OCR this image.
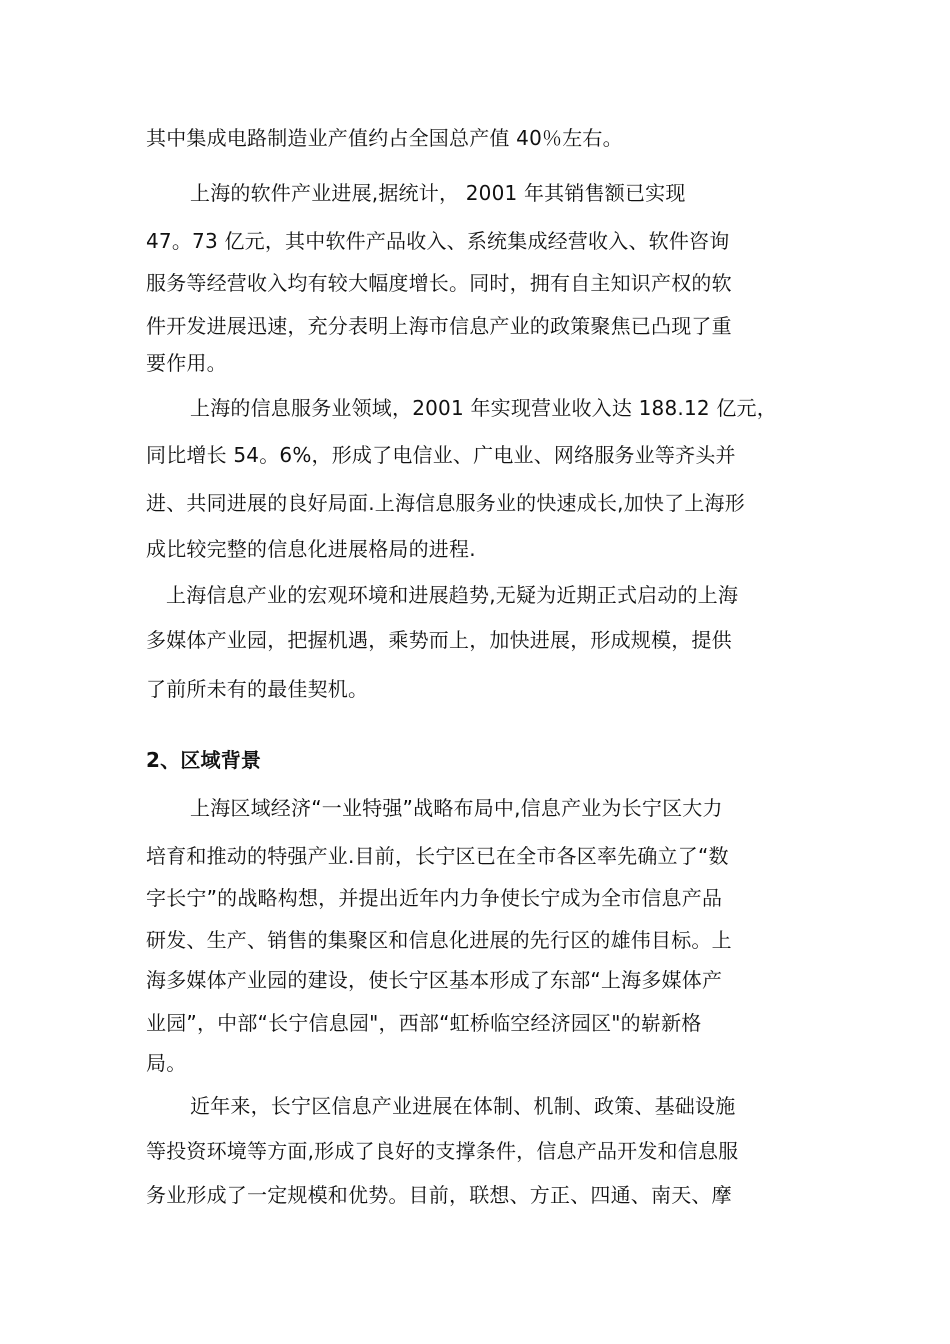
其中集成电路制造业产值约占全国总产值 40％左右。
上海的软件产业进展,据统计， 2001 年其销售额已实现
47。73 亿元，其中软件产品收入、系统集成经营收入、软件咨询
服务等经营收入均有较大幅度增长。同时，拥有自主知识产权的软
件开发进展迅速，充分表明上海市信息产业的政策聚焦已凸现了重
要作用。
上海的信息服务业领域，2001 年实现营业收入达 188.12 亿元，
同比增长 54。6%，形成了电信业、广电业、网络服务业等齐头并
进、共同进展的良好局面.上海信息服务业的快速成长,加快了上海形
成比较完整的信息化进展格局的进程.
上海信息产业的宏观环境和进展趋势,无疑为近期正式启动的上海
多媒体产业园，把握机遇，乘势而上，加快进展，形成规模，提供
了前所未有的最佳契机。
2、区域背景
上海区域经济“一业特强”战略布局中,信息产业为长宁区大力
培育和推动的特强产业.目前，长宁区已在全市各区率先确立了“数
字长宁”的战略构想，并提出近年内力争使长宁成为全市信息产品
研发、生产、销售的集聚区和信息化进展的先行区的雄伟目标。上
海多媒体产业园的建设，使长宁区基本形成了东部“上海多媒体产
业园”，中部“长宁信息园"，西部“虹桥临空经济园区"的崭新格
局。
近年来，长宁区信息产业进展在体制、机制、政策、基础设施
等投资环境等方面,形成了良好的支撑条件，信息产品开发和信息服
务业形成了一定规模和优势。目前，联想、方正、四通、南天、摩
